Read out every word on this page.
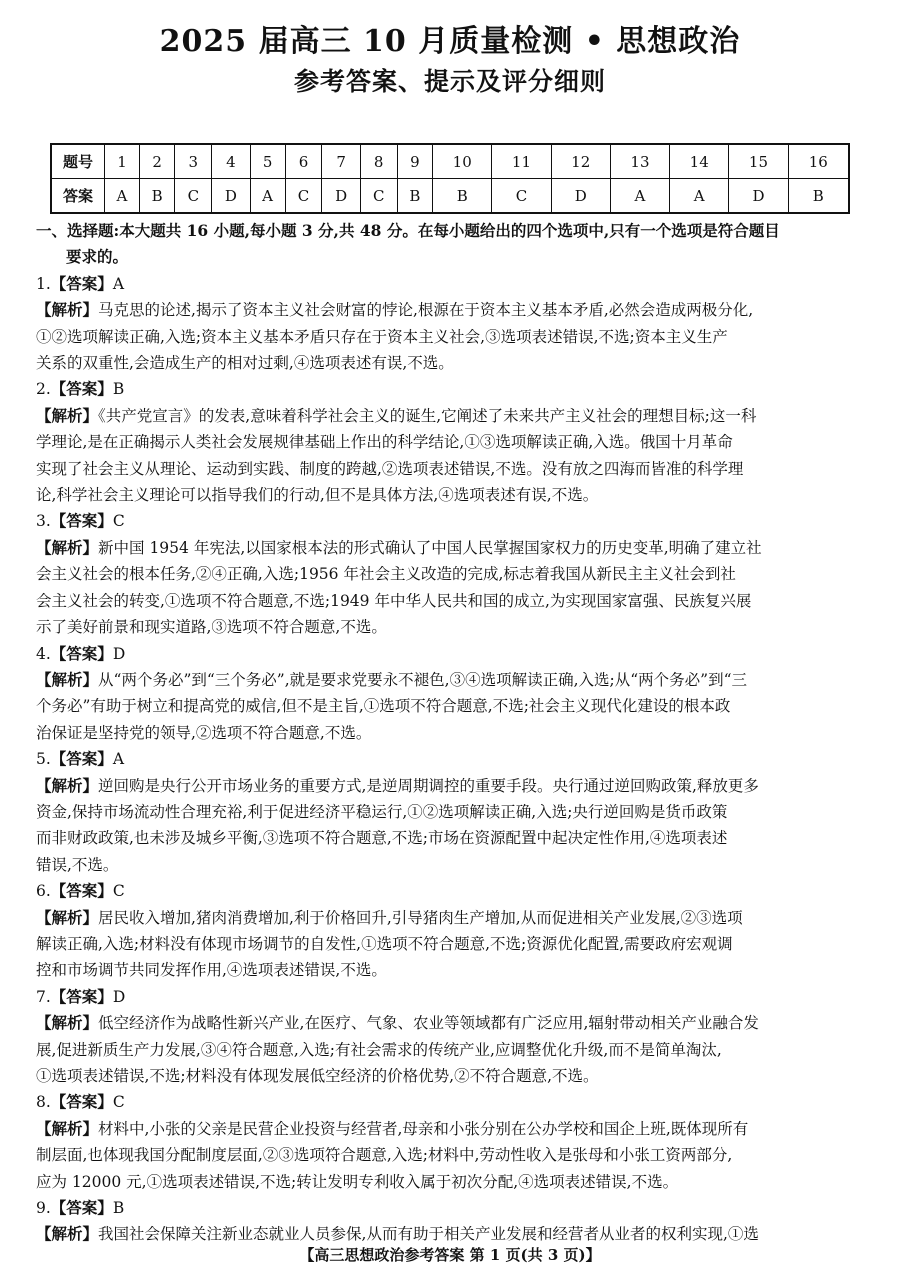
2025 届高三 10 月质量检测 • 思想政治
参考答案、提示及评分细则
题号	1	2	3	4	5	6	7	8	9	10	11	12	13	14	15	16
答案	A	B	C	D	A	C	D	C	B	B	C	D	A	A	D	B
一、选择题:本大题共 16 小题,每小题 3 分,共 48 分。在每小题给出的四个选项中,只有一个选项是符合题目
要求的。
1.【答案】A
【解析】马克思的论述,揭示了资本主义社会财富的悖论,根源在于资本主义基本矛盾,必然会造成两极分化,
①②选项解读正确,入选;资本主义基本矛盾只存在于资本主义社会,③选项表述错误,不选;资本主义生产
关系的双重性,会造成生产的相对过剩,④选项表述有误,不选。
2.【答案】B
【解析】《共产党宣言》的发表,意味着科学社会主义的诞生,它阐述了未来共产主义社会的理想目标;这一科
学理论,是在正确揭示人类社会发展规律基础上作出的科学结论,①③选项解读正确,入选。俄国十月革命
实现了社会主义从理论、运动到实践、制度的跨越,②选项表述错误,不选。没有放之四海而皆准的科学理
论,科学社会主义理论可以指导我们的行动,但不是具体方法,④选项表述有误,不选。
3.【答案】C
【解析】新中国 1954 年宪法,以国家根本法的形式确认了中国人民掌握国家权力的历史变革,明确了建立社
会主义社会的根本任务,②④正确,入选;1956 年社会主义改造的完成,标志着我国从新民主主义社会到社
会主义社会的转变,①选项不符合题意,不选;1949 年中华人民共和国的成立,为实现国家富强、民族复兴展
示了美好前景和现实道路,③选项不符合题意,不选。
4.【答案】D
【解析】从“两个务必”到“三个务必”,就是要求党要永不褪色,③④选项解读正确,入选;从“两个务必”到“三
个务必”有助于树立和提高党的威信,但不是主旨,①选项不符合题意,不选;社会主义现代化建设的根本政
治保证是坚持党的领导,②选项不符合题意,不选。
5.【答案】A
【解析】逆回购是央行公开市场业务的重要方式,是逆周期调控的重要手段。央行通过逆回购政策,释放更多
资金,保持市场流动性合理充裕,利于促进经济平稳运行,①②选项解读正确,入选;央行逆回购是货币政策
而非财政政策,也未涉及城乡平衡,③选项不符合题意,不选;市场在资源配置中起决定性作用,④选项表述
错误,不选。
6.【答案】C
【解析】居民收入增加,猪肉消费增加,利于价格回升,引导猪肉生产增加,从而促进相关产业发展,②③选项
解读正确,入选;材料没有体现市场调节的自发性,①选项不符合题意,不选;资源优化配置,需要政府宏观调
控和市场调节共同发挥作用,④选项表述错误,不选。
7.【答案】D
【解析】低空经济作为战略性新兴产业,在医疗、气象、农业等领域都有广泛应用,辐射带动相关产业融合发
展,促进新质生产力发展,③④符合题意,入选;有社会需求的传统产业,应调整优化升级,而不是简单淘汰,
①选项表述错误,不选;材料没有体现发展低空经济的价格优势,②不符合题意,不选。
8.【答案】C
【解析】材料中,小张的父亲是民营企业投资与经营者,母亲和小张分别在公办学校和国企上班,既体现所有
制层面,也体现我国分配制度层面,②③选项符合题意,入选;材料中,劳动性收入是张母和小张工资两部分,
应为 12000 元,①选项表述错误,不选;转让发明专利收入属于初次分配,④选项表述错误,不选。
9.【答案】B
【解析】我国社会保障关注新业态就业人员参保,从而有助于相关产业发展和经营者从业者的权利实现,①选
【高三思想政治参考答案 第 1 页(共 3 页)】
